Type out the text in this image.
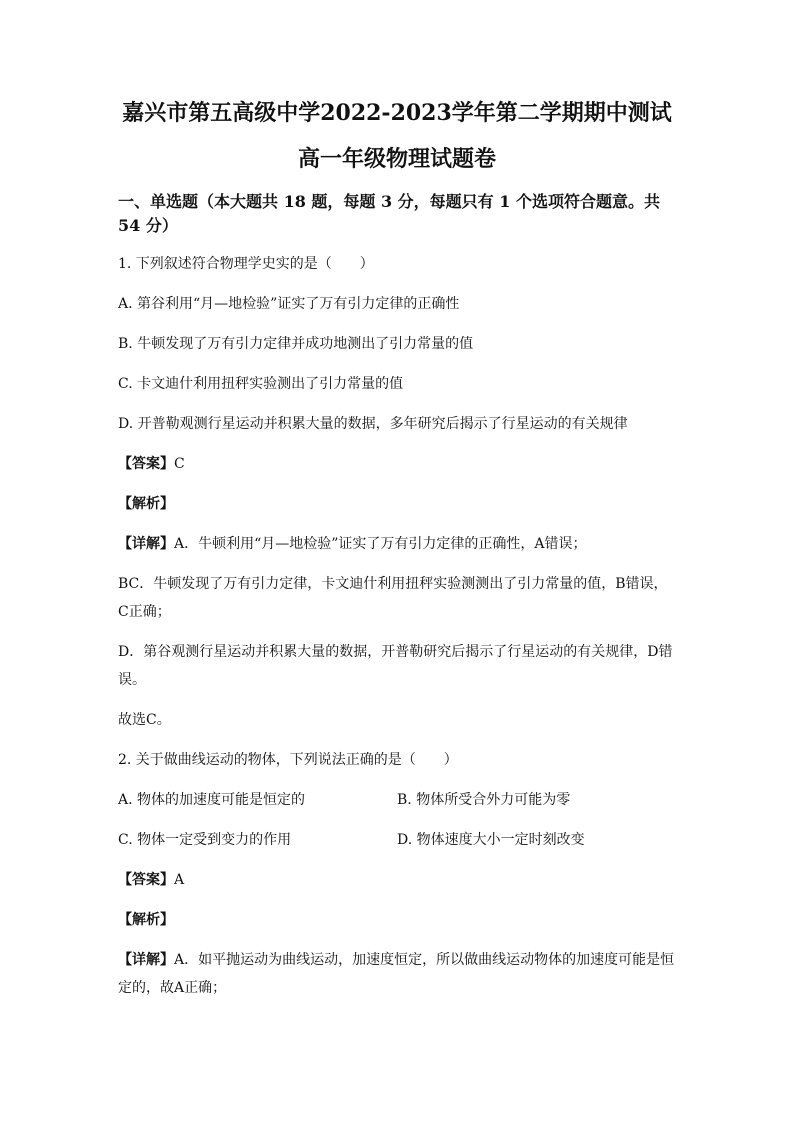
嘉兴市第五高级中学2022-2023学年第二学期期中测试
高一年级物理试题卷
一、单选题（本大题共 18 题，每题 3 分，每题只有 1 个选项符合题意。共 54 分）
1. 下列叙述符合物理学史实的是（　　）
A. 第谷利用“月—地检验”证实了万有引力定律的正确性
B. 牛顿发现了万有引力定律并成功地测出了引力常量的值
C. 卡文迪什利用扭秤实验测出了引力常量的值
D. 开普勒观测行星运动并积累大量的数据，多年研究后揭示了行星运动的有关规律
【答案】C
【解析】
【详解】A．牛顿利用“月—地检验”证实了万有引力定律的正确性，A错误；
BC．牛顿发现了万有引力定律，卡文迪什利用扭秤实验测测出了引力常量的值，B错误，C正确；
D．第谷观测行星运动并积累大量的数据，开普勒研究后揭示了行星运动的有关规律，D错误。
故选C。
2. 关于做曲线运动的物体，下列说法正确的是（　　）
A. 物体的加速度可能是恒定的	B. 物体所受合外力可能为零
C. 物体一定受到变力的作用	D. 物体速度大小一定时刻改变
【答案】A
【解析】
【详解】A．如平抛运动为曲线运动，加速度恒定，所以做曲线运动物体的加速度可能是恒定的，故A正确；
